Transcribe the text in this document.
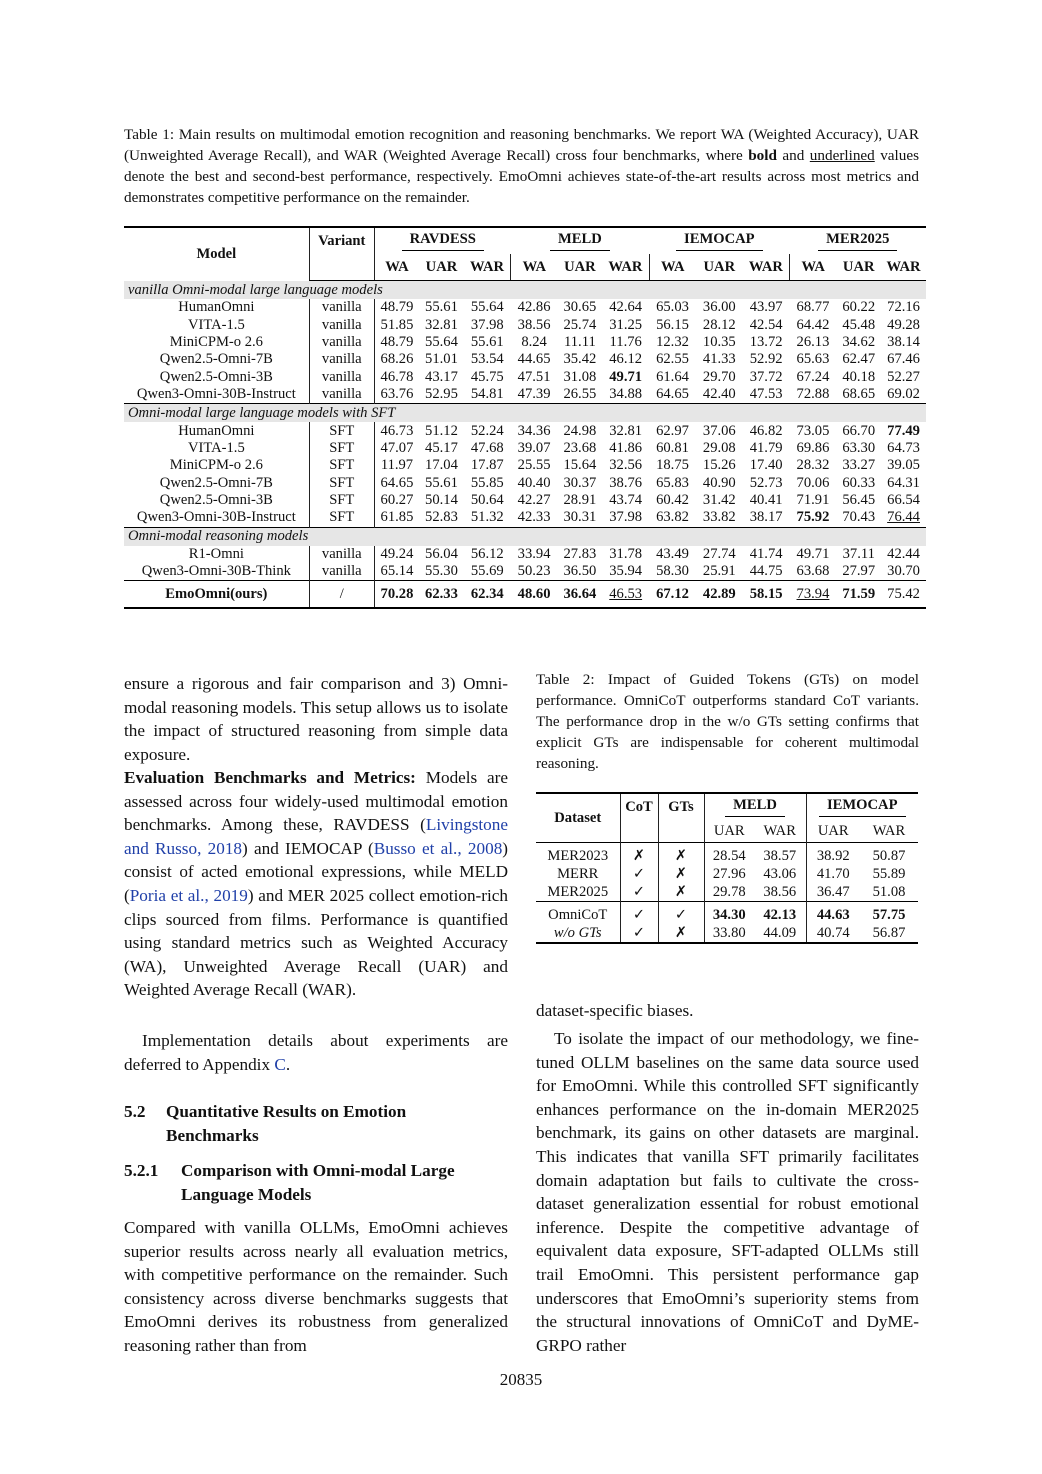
Table 1: Main results on multimodal emotion recognition and reasoning benchmarks. We report WA (Weighted Accuracy), UAR (Unweighted Average Recall), and WAR (Weighted Average Recall) cross four benchmarks, where bold and underlined values denote the best and second-best performance, respectively. EmoOmni achieves state-of-the-art results across most metrics and demonstrates competitive performance on the remainder.
Model	Variant	RAVDESS			MELD			IEMOCAP			MER2025		
		WA	UAR	WAR	WA	UAR	WAR	WA	UAR	WAR	WA	UAR	WAR
vanilla Omni-modal large language models													
HumanOmni	vanilla	48.79	55.61	55.64	42.86	30.65	42.64	65.03	36.00	43.97	68.77	60.22	72.16
VITA-1.5	vanilla	51.85	32.81	37.98	38.56	25.74	31.25	56.15	28.12	42.54	64.42	45.48	49.28
MiniCPM-o 2.6	vanilla	48.79	55.64	55.61	8.24	11.11	11.76	12.32	10.35	13.72	26.13	34.62	38.14
Qwen2.5-Omni-7B	vanilla	68.26	51.01	53.54	44.65	35.42	46.12	62.55	41.33	52.92	65.63	62.47	67.46
Qwen2.5-Omni-3B	vanilla	46.78	43.17	45.75	47.51	31.08	49.71	61.64	29.70	37.72	67.24	40.18	52.27
Qwen3-Omni-30B-Instruct	vanilla	63.76	52.95	54.81	47.39	26.55	34.88	64.65	42.40	47.53	72.88	68.65	69.02
Omni-modal large language models with SFT													
HumanOmni	SFT	46.73	51.12	52.24	34.36	24.98	32.81	62.97	37.06	46.82	73.05	66.70	77.49
VITA-1.5	SFT	47.07	45.17	47.68	39.07	23.68	41.86	60.81	29.08	41.79	69.86	63.30	64.73
MiniCPM-o 2.6	SFT	11.97	17.04	17.87	25.55	15.64	32.56	18.75	15.26	17.40	28.32	33.27	39.05
Qwen2.5-Omni-7B	SFT	64.65	55.61	55.85	40.40	30.37	38.76	65.83	40.90	52.73	70.06	60.33	64.31
Qwen2.5-Omni-3B	SFT	60.27	50.14	50.64	42.27	28.91	43.74	60.42	31.42	40.41	71.91	56.45	66.54
Qwen3-Omni-30B-Instruct	SFT	61.85	52.83	51.32	42.33	30.31	37.98	63.82	33.82	38.17	75.92	70.43	76.44
Omni-modal reasoning models													
R1-Omni	vanilla	49.24	56.04	56.12	33.94	27.83	31.78	43.49	27.74	41.74	49.71	37.11	42.44
Qwen3-Omni-30B-Think	vanilla	65.14	55.30	55.69	50.23	36.50	35.94	58.30	25.91	44.75	63.68	27.97	30.70
EmoOmni(ours)	/	70.28	62.33	62.34	48.60	36.64	46.53	67.12	42.89	58.15	73.94	71.59	75.42
ensure a rigorous and fair comparison and 3) Omni-modal reasoning models. This setup allows us to isolate the impact of structured reasoning from simple data exposure.
Evaluation Benchmarks and Metrics: Models are assessed across four widely-used multimodal emotion benchmarks. Among these, RAVDESS (Livingstone and Russo, 2018) and IEMOCAP (Busso et al., 2008) consist of acted emotional expressions, while MELD (Poria et al., 2019) and MER 2025 collect emotion-rich clips sourced from films. Performance is quantified using standard metrics such as Weighted Accuracy (WA), Unweighted Average Recall (UAR) and Weighted Average Recall (WAR).
Implementation details about experiments are deferred to Appendix C.
5.2 Quantitative Results on Emotion Benchmarks
5.2.1 Comparison with Omni-modal Large Language Models
Compared with vanilla OLLMs, EmoOmni achieves superior results across nearly all evaluation metrics, with competitive performance on the remainder. Such consistency across diverse benchmarks suggests that EmoOmni derives its robustness from generalized reasoning rather than from
Table 2: Impact of Guided Tokens (GTs) on model performance. OmniCoT outperforms standard CoT variants. The performance drop in the w/o GTs setting confirms that explicit GTs are indispensable for coherent multimodal reasoning.
Dataset	CoT	GTs	MELD		IEMOCAP	
			UAR	WAR	UAR	WAR
MER2023	✗	✗	28.54	38.57	38.92	50.87
MERR	✓	✗	27.96	43.06	41.70	55.89
MER2025	✓	✗	29.78	38.56	36.47	51.08
OmniCoT	✓	✓	34.30	42.13	44.63	57.75
w/o GTs	✓	✗	33.80	44.09	40.74	56.87
dataset-specific biases.
To isolate the impact of our methodology, we fine-tuned OLLM baselines on the same data source used for EmoOmni. While this controlled SFT significantly enhances performance on the in-domain MER2025 benchmark, its gains on other datasets are marginal. This indicates that vanilla SFT primarily facilitates domain adaptation but fails to cultivate the cross-dataset generalization essential for robust emotional inference. Despite the competitive advantage of equivalent data exposure, SFT-adapted OLLMs still trail EmoOmni. This persistent performance gap underscores that EmoOmni’s superiority stems from the structural innovations of OmniCoT and DyME-GRPO rather
20835
